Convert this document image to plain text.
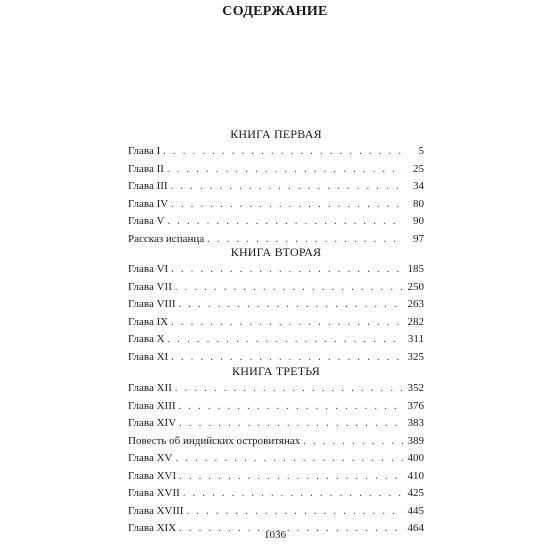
СОДЕРЖАНИЕ
КНИГА ПЕРВАЯ
Глава I . . .	5
Глава II . . .	25
Глава III . . .	34
Глава IV . . .	80
Глава V . . .	90
Рассказ испанца . . .	97
КНИГА ВТОРАЯ
Глава VI . . .	185
Глава VII . . .	250
Глава VIII . . .	263
Глава IX . . .	282
Глава X . . .	311
Глава XI . . .	325
КНИГА ТРЕТЬЯ
Глава XII . . .	352
Глава XIII . . .	376
Глава XIV . . .	383
Повесть об индийских островитянах . . .	389
Глава XV . . .	400
Глава XVI . . .	410
Глава XVII . . .	425
Глава XVIII . . .	445
Глава XIX . . .	464
1036
